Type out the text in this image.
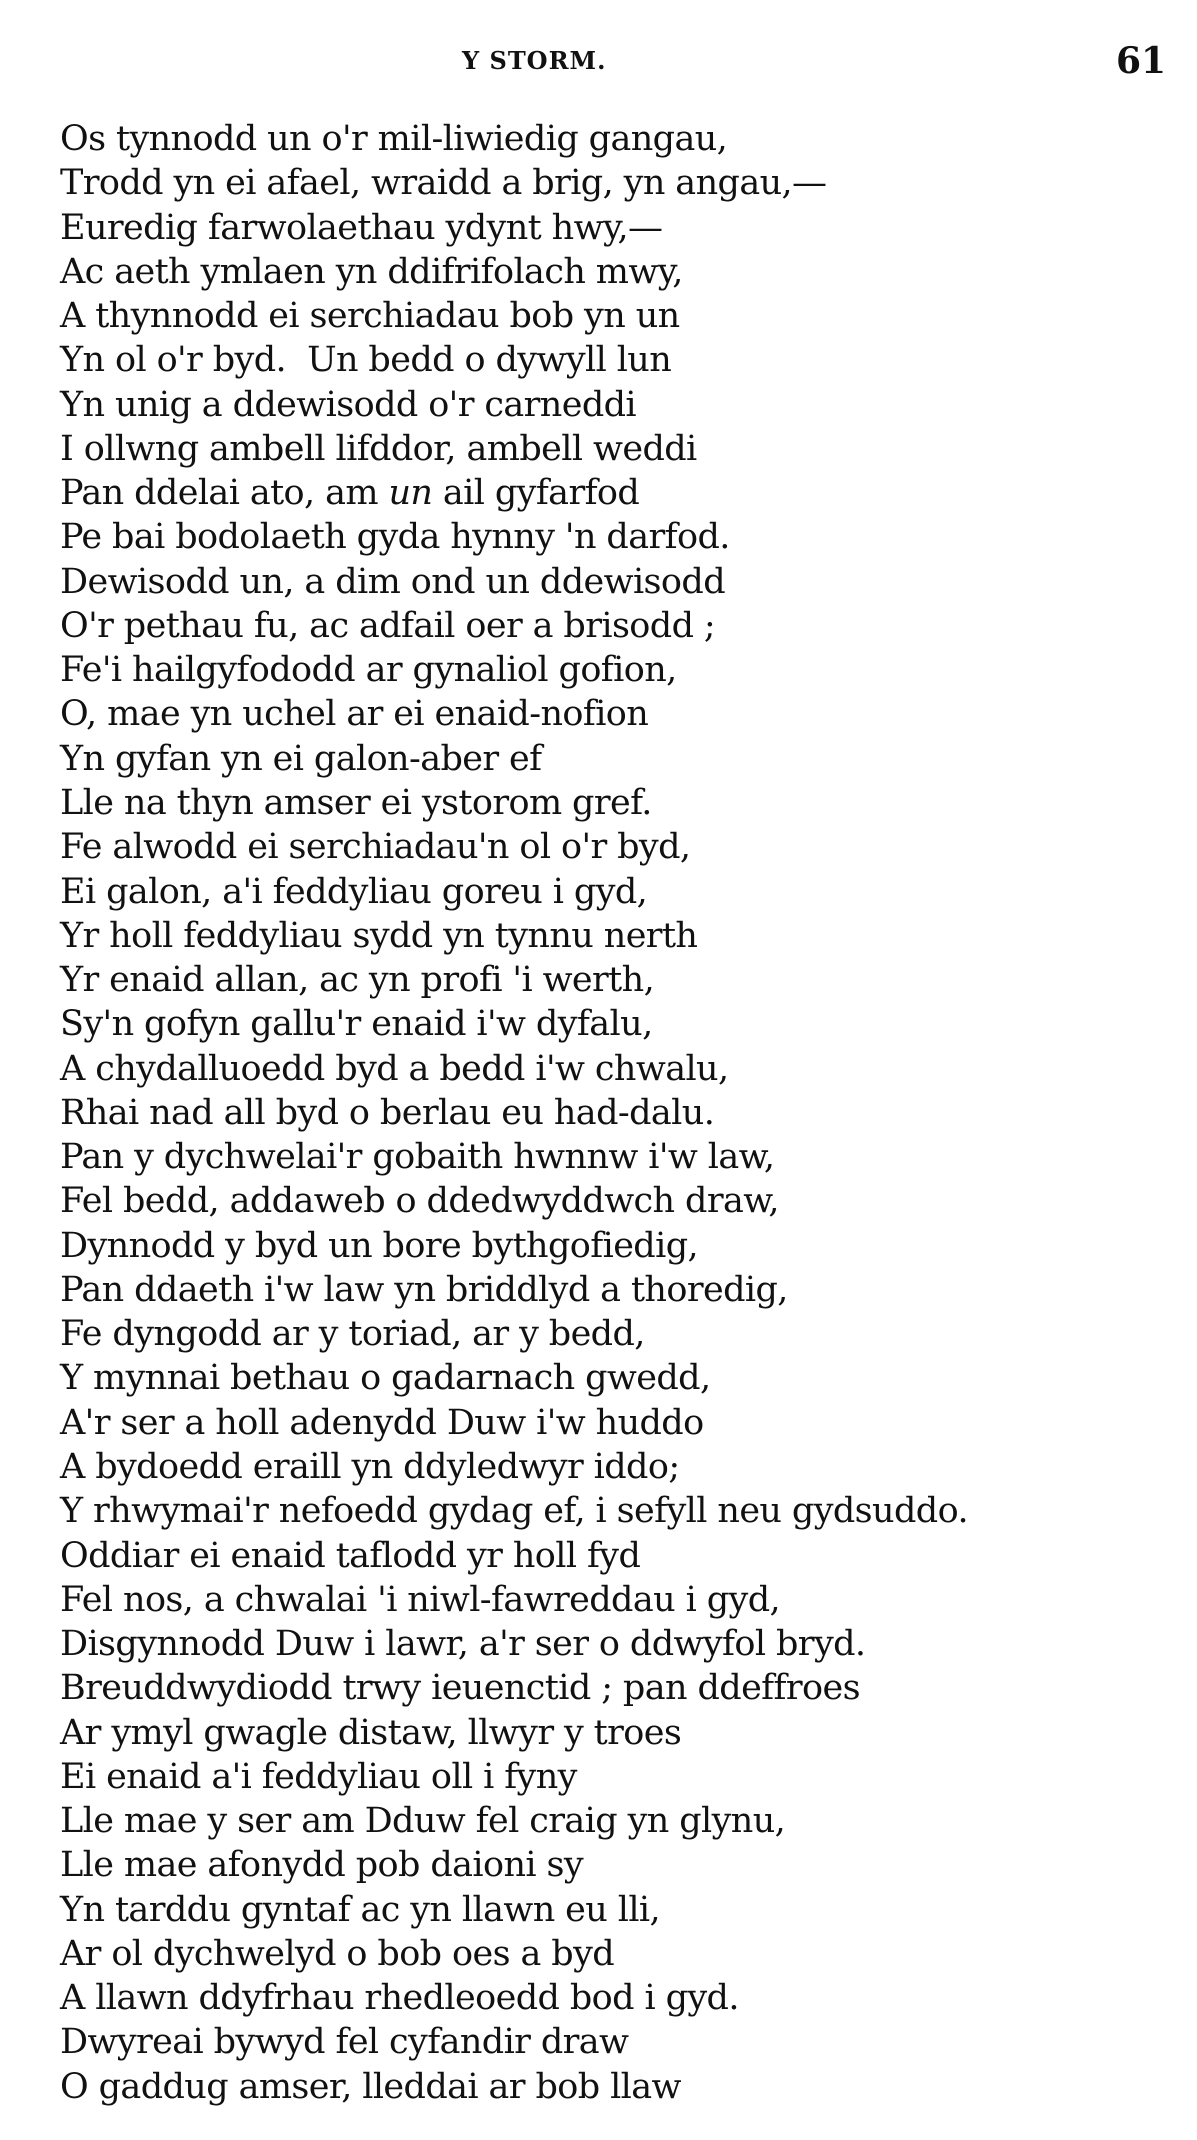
Y STORM.	61
Os tynnodd un o'r mil-liwiedig gangau,
Trodd yn ei afael, wraidd a brig, yn angau,—
Euredig farwolaethau ydynt hwy,—
Ac aeth ymlaen yn ddifrifolach mwy,
A thynnodd ei serchiadau bob yn un
Yn ol o'r byd.  Un bedd o dywyll lun
Yn unig a ddewisodd o'r carneddi
I ollwng ambell lifddor, ambell weddi
Pan ddelai ato, am un ail gyfarfod
Pe bai bodolaeth gyda hynny 'n darfod.
Dewisodd un, a dim ond un ddewisodd
O'r pethau fu, ac adfail oer a brisodd ;
Fe'i hailgyfododd ar gynaliol gofion,
O, mae yn uchel ar ei enaid-nofion
Yn gyfan yn ei galon-aber ef
Lle na thyn amser ei ystorom gref.
Fe alwodd ei serchiadau'n ol o'r byd,
Ei galon, a'i feddyliau goreu i gyd,
Yr holl feddyliau sydd yn tynnu nerth
Yr enaid allan, ac yn profi 'i werth,
Sy'n gofyn gallu'r enaid i'w dyfalu,
A chydalluoedd byd a bedd i'w chwalu,
Rhai nad all byd o berlau eu had-dalu.
Pan y dychwelai'r gobaith hwnnw i'w law,
Fel bedd, addaweb o ddedwyddwch draw,
Dynnodd y byd un bore bythgofiedig,
Pan ddaeth i'w law yn briddlyd a thoredig,
Fe dyngodd ar y toriad, ar y bedd,
Y mynnai bethau o gadarnach gwedd,
A'r ser a holl adenydd Duw i'w huddo
A bydoedd eraill yn ddyledwyr iddo;
Y rhwymai'r nefoedd gydag ef, i sefyll neu gydsuddo.
Oddiar ei enaid taflodd yr holl fyd
Fel nos, a chwalai 'i niwl-fawreddau i gyd,
Disgynnodd Duw i lawr, a'r ser o ddwyfol bryd.
Breuddwydiodd trwy ieuenctid ; pan ddeffroes
Ar ymyl gwagle distaw, llwyr y troes
Ei enaid a'i feddyliau oll i fyny
Lle mae y ser am Dduw fel craig yn glynu,
Lle mae afonydd pob daioni sy
Yn tarddu gyntaf ac yn llawn eu lli,
Ar ol dychwelyd o bob oes a byd
A llawn ddyfrhau rhedleoedd bod i gyd.
Dwyreai bywyd fel cyfandir draw
O gaddug amser, lleddai ar bob llaw
